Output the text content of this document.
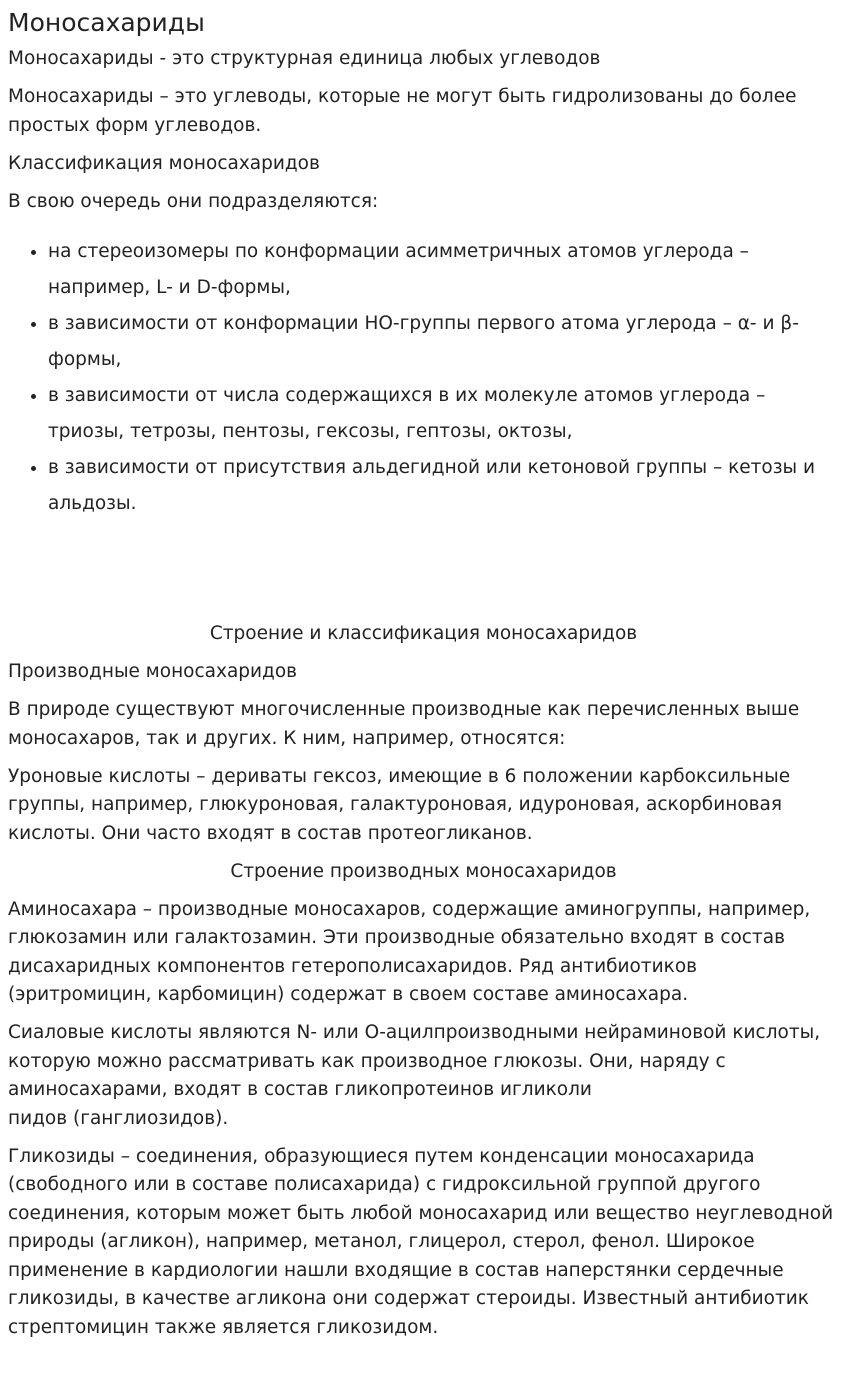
Моносахариды

Моносахариды - это структурная единица любых углеводов

Моносахариды – это углеводы, которые не могут быть гидролизованы до более простых форм углеводов.

Классификация моносахаридов

В свою очередь они подразделяются:

• на стереоизомеры по конформации асимметричных атомов углерода – например, L- и D-формы,
• в зависимости от конформации НО-группы первого атома углерода – α- и β-формы,
• в зависимости от числа содержащихся в их молекуле атомов углерода – триозы, тетрозы, пентозы, гексозы, гептозы, октозы,
• в зависимости от присутствия альдегидной или кетоновой группы – кетозы и альдозы.

Строение и классификация моносахаридов

Производные моносахаридов

В природе существуют многочисленные производные как перечисленных выше моносахаров, так и других. К ним, например, относятся:

Уроновые кислоты – дериваты гексоз, имеющие в 6 положении карбоксильные группы, например, глюкуроновая, галактуроновая, идуроновая, аскорбиновая кислоты. Они часто входят в состав протеогликанов.

Строение производных моносахаридов

Аминосахара – производные моносахаров, содержащие аминогруппы, например, глюкозамин или галактозамин. Эти производные обязательно входят в состав дисахаридных компонентов гетерополисахаридов. Ряд антибиотиков (эритромицин, карбомицин) содержат в своем составе аминосахара.

Сиаловые кислоты являются N- или О-ацилпроизводными нейраминовой кислоты, которую можно рассматривать как производное глюкозы. Они, наряду с аминосахарами, входят в состав гликопротеинов игликоли
пидов (ганглиозидов).

Гликозиды – соединения, образующиеся путем конденсации моносахарида (свободного или в составе полисахарида) с гидроксильной группой другого соединения, которым может быть любой моносахарид или вещество неуглеводной природы (агликон), например, метанол, глицерол, стерол, фенол. Широкое применение в кардиологии нашли входящие в состав наперстянки сердечные гликозиды, в качестве агликона они содержат стероиды. Известный антибиотик стрептомицин также является гликозидом.
